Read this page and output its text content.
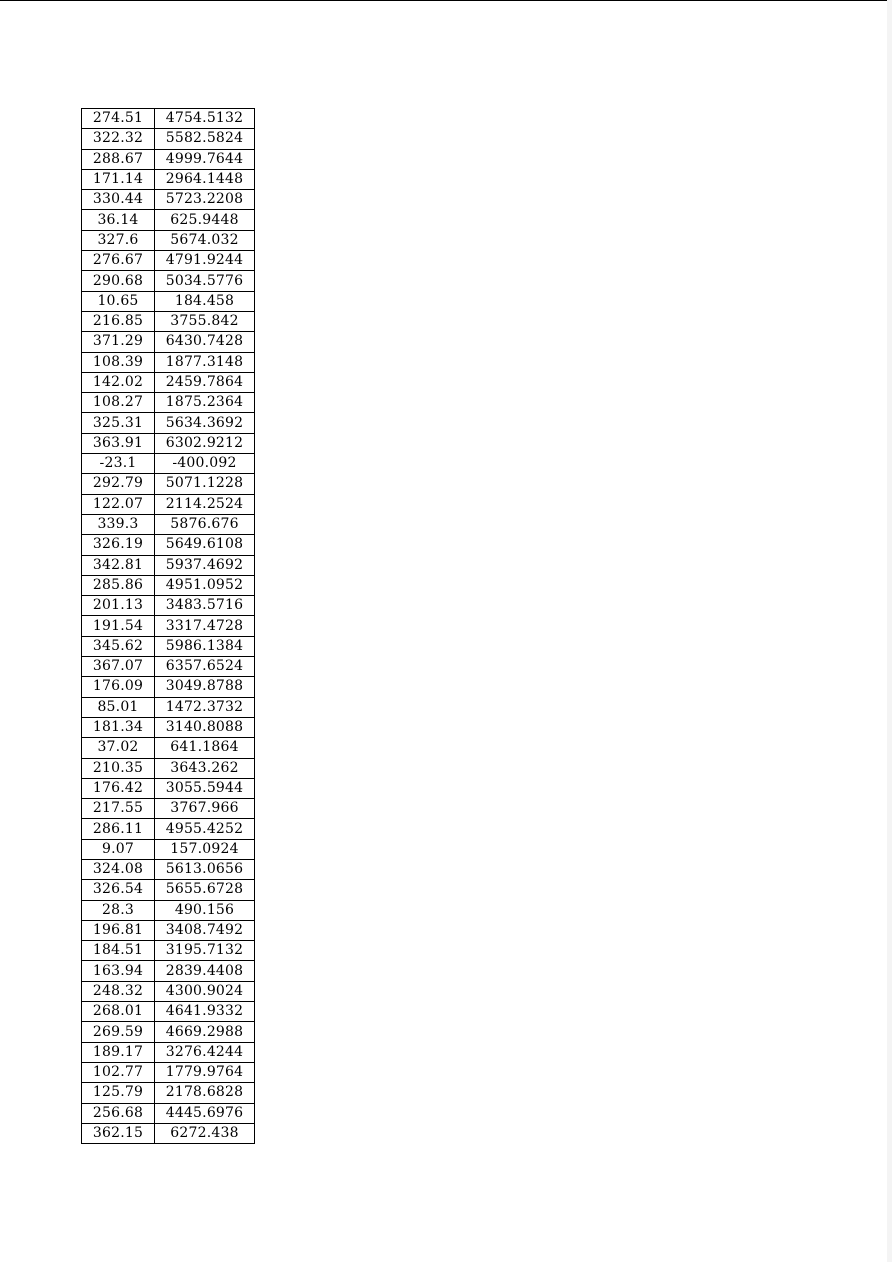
274.51	4754.5132
322.32	5582.5824
288.67	4999.7644
171.14	2964.1448
330.44	5723.2208
36.14	625.9448
327.6	5674.032
276.67	4791.9244
290.68	5034.5776
10.65	184.458
216.85	3755.842
371.29	6430.7428
108.39	1877.3148
142.02	2459.7864
108.27	1875.2364
325.31	5634.3692
363.91	6302.9212
-23.1	-400.092
292.79	5071.1228
122.07	2114.2524
339.3	5876.676
326.19	5649.6108
342.81	5937.4692
285.86	4951.0952
201.13	3483.5716
191.54	3317.4728
345.62	5986.1384
367.07	6357.6524
176.09	3049.8788
85.01	1472.3732
181.34	3140.8088
37.02	641.1864
210.35	3643.262
176.42	3055.5944
217.55	3767.966
286.11	4955.4252
9.07	157.0924
324.08	5613.0656
326.54	5655.6728
28.3	490.156
196.81	3408.7492
184.51	3195.7132
163.94	2839.4408
248.32	4300.9024
268.01	4641.9332
269.59	4669.2988
189.17	3276.4244
102.77	1779.9764
125.79	2178.6828
256.68	4445.6976
362.15	6272.438
